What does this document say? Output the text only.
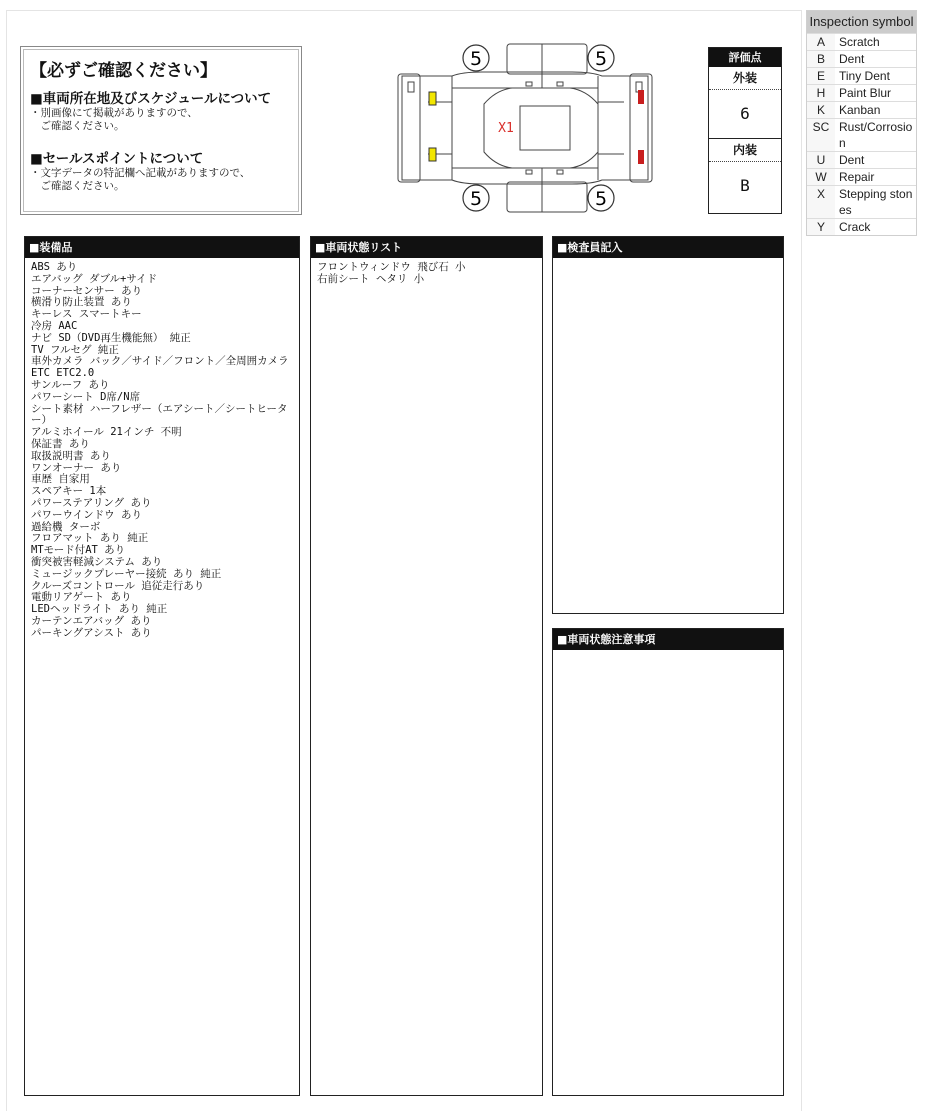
【必ずご確認ください】

■車両所在地及びスケジュールについて

・別画像にて掲載がありますので、

　ご確認ください。

■セールスポイントについて

・文字データの特記欄へ記載がありますので、

　ご確認ください。

5	5
5	5
X1
評価点
外装
6
内装
B
■装備品
ABS あり
エアバッグ ダブル+サイド
コーナーセンサー あり
横滑り防止装置 あり
キーレス スマートキー
冷房 AAC
ナビ SD（DVD再生機能無） 純正
TV フルセグ 純正
車外カメラ バック／サイド／フロント／全周囲カメラ
ETC ETC2.0
サンルーフ あり
パワーシート D席/N席
シート素材 ハーフレザー（エアシート／シートヒーター）
アルミホイール 21インチ 不明
保証書 あり
取扱説明書 あり
ワンオーナー あり
車歴 自家用
スペアキー 1本
パワーステアリング あり
パワーウインドウ あり
過給機 ターボ
フロアマット あり 純正
MTモード付AT あり
衝突被害軽減システム あり
ミュージックプレーヤー接続 あり 純正
クルーズコントロール 追従走行あり
電動リアゲート あり
LEDヘッドライト あり 純正
カーテンエアバッグ あり
パーキングアシスト あり
■車両状態リスト
フロントウィンドウ 飛び石 小
右前シート ヘタリ 小
■検査員記入
■車両状態注意事項
Inspection symbol
A	Scratch
B	Dent
E	Tiny Dent
H	Paint Blur
K	Kanban
SC Rust/Corrosion
U	Dent
W	Repair
X	Stepping stones
Y	Crack
